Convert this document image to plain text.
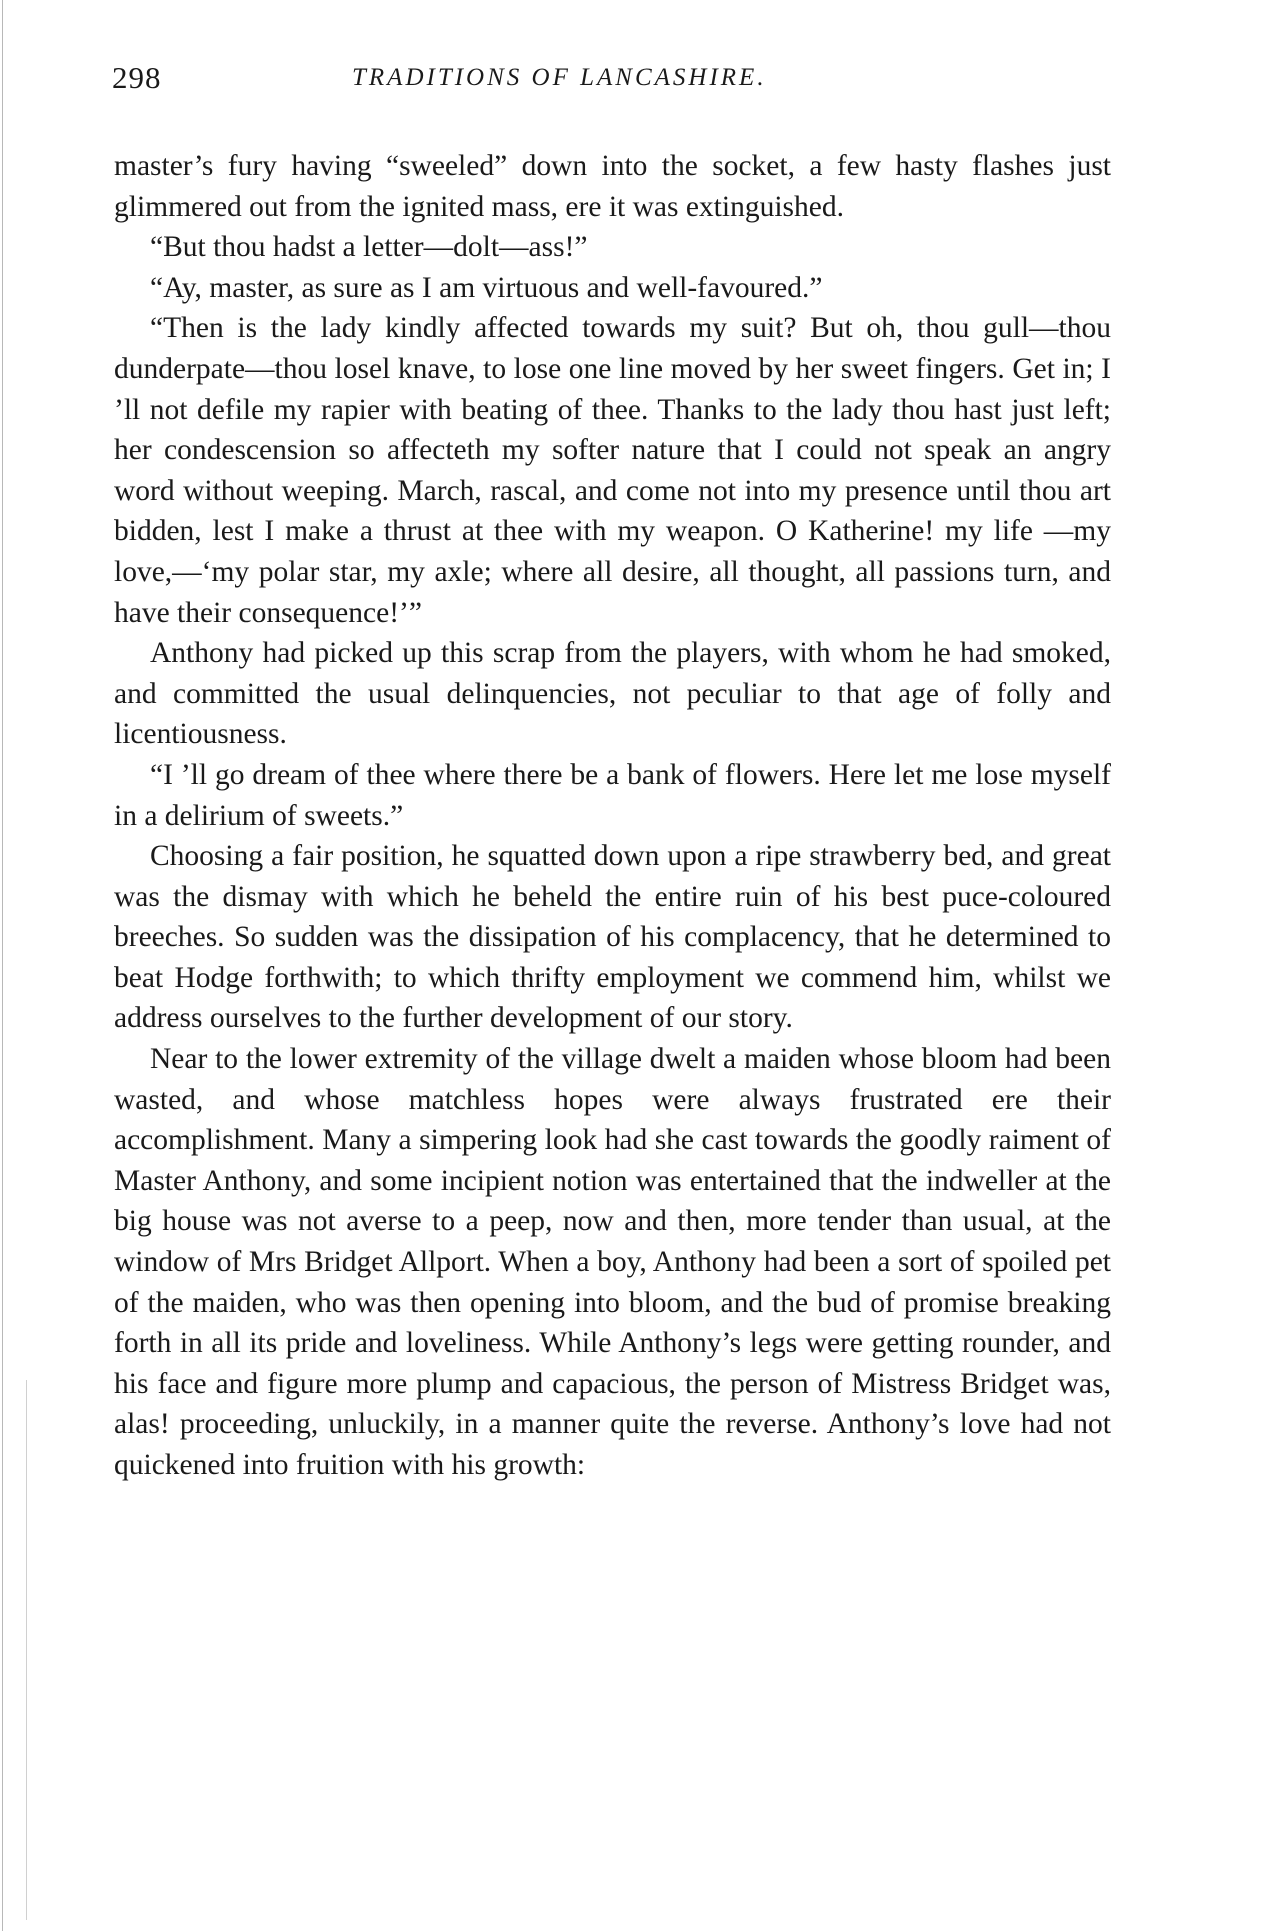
298	TRADITIONS OF LANCASHIRE.

master’s fury having “sweeled” down into the socket, a few hasty flashes just glimmered out from the ignited mass, ere it was extinguished.

“But thou hadst a letter—dolt—ass!”

“Ay, master, as sure as I am virtuous and well-favoured.”

“Then is the lady kindly affected towards my suit? But oh, thou gull—thou dunderpate—thou losel knave, to lose one line moved by her sweet fingers. Get in; I ’ll not defile my rapier with beating of thee. Thanks to the lady thou hast just left; her condescension so affecteth my softer nature that I could not speak an angry word without weeping. March, rascal, and come not into my presence until thou art bidden, lest I make a thrust at thee with my weapon. O Katherine! my life —my love,—‘my polar star, my axle; where all desire, all thought, all passions turn, and have their consequence!’”

Anthony had picked up this scrap from the players, with whom he had smoked, and committed the usual delinquencies, not peculiar to that age of folly and licentiousness.

“I ’ll go dream of thee where there be a bank of flowers. Here let me lose myself in a delirium of sweets.”

Choosing a fair position, he squatted down upon a ripe strawberry bed, and great was the dismay with which he beheld the entire ruin of his best puce-coloured breeches. So sudden was the dissipation of his complacency, that he determined to beat Hodge forthwith; to which thrifty employment we commend him, whilst we address ourselves to the further development of our story.

Near to the lower extremity of the village dwelt a maiden whose bloom had been wasted, and whose matchless hopes were always frustrated ere their accomplishment. Many a simpering look had she cast towards the goodly raiment of Master Anthony, and some incipient notion was entertained that the indweller at the big house was not averse to a peep, now and then, more tender than usual, at the window of Mrs Bridget Allport. When a boy, Anthony had been a sort of spoiled pet of the maiden, who was then opening into bloom, and the bud of promise breaking forth in all its pride and loveliness. While Anthony’s legs were getting rounder, and his face and figure more plump and capacious, the person of Mistress Bridget was, alas! proceeding, unluckily, in a manner quite the reverse. Anthony’s love had not quickened into fruition with his growth:
